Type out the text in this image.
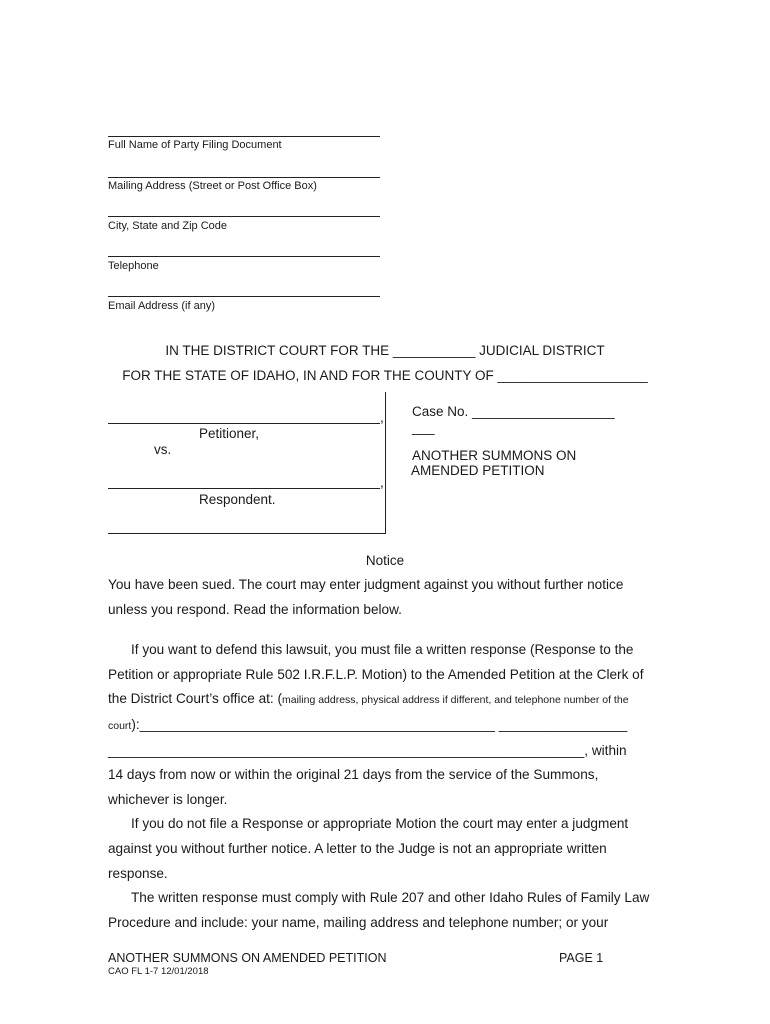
Full Name of Party Filing Document
Mailing Address (Street or Post Office Box)
City, State and Zip Code
Telephone
Email Address (if any)
IN THE DISTRICT COURT FOR THE ___________ JUDICIAL DISTRICT
FOR THE STATE OF IDAHO, IN AND FOR THE COUNTY OF ____________________
,
Petitioner,
vs.
,
Respondent.
Case No. ___________________
___
ANOTHER SUMMONS ON
AMENDED PETITION
Notice
You have been sued. The court may enter judgment against you without further notice
unless you respond. Read the information below.
If you want to defend this lawsuit, you must file a written response (Response to the
Petition or appropriate Rule 502 I.R.F.L.P. Motion) to the Amended Petition at the Clerk of
the District Court’s office at: (mailing address, physical address if different, and telephone number of the
court):_______________________________________________ _________________
_______________________________________________________________, within
14 days from now or within the original 21 days from the service of the Summons,
whichever is longer.
If you do not file a Response or appropriate Motion the court may enter a judgment
against you without further notice. A letter to the Judge is not an appropriate written
response.
The written response must comply with Rule 207 and other Idaho Rules of Family Law
Procedure and include: your name, mailing address and telephone number; or your
ANOTHER SUMMONS ON AMENDED PETITION	PAGE 1
CAO FL 1-7 12/01/2018
